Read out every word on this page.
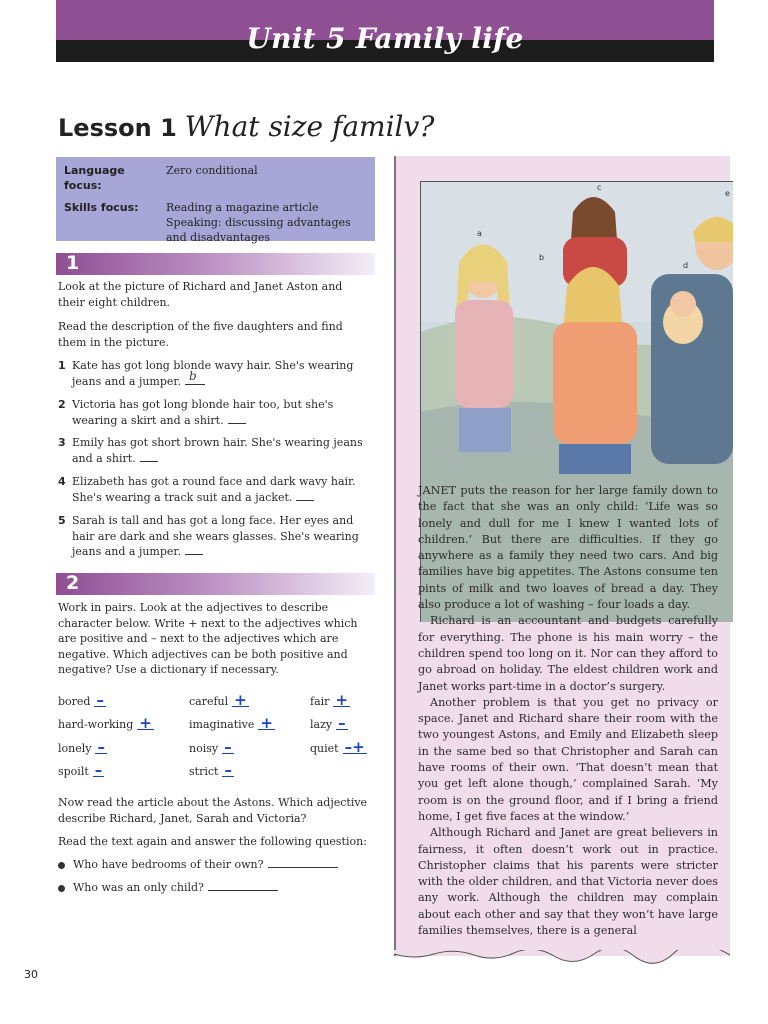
Unit 5 Family life
Lesson 1 What size familv?
Language focus:
Zero conditional
Skills focus:	Reading a magazine article
Speaking: discussing advantages
and disadvantages
1
Look at the picture of Richard and Janet Aston and
their eight children.
Read the description of the five daughters and find
them in the picture.
1 Kate has got long blonde wavy hair. She's wearing
jeans and a jumper. b
2 Victoria has got long blonde hair too, but she's
wearing a skirt and a shirt.
3 Emily has got short brown hair. She's wearing jeans
and a shirt.
4 Elizabeth has got a round face and dark wavy hair.
She's wearing a track suit and a jacket.
5 Sarah is tall and has got a long face. Her eyes and
hair are dark and she wears glasses. She's wearing
jeans and a jumper.
2
Work in pairs. Look at the adjectives to describe
character below. Write + next to the adjectives which
are positive and – next to the adjectives which are
negative. Which adjectives can be both positive and
negative? Use a dictionary if necessary.
bored –	careful +	fair +
hard-working +	imaginative +	lazy –
lonely –	noisy –	quiet –+
spoilt –	strict –
Now read the article about the Astons. Which adjective
describe Richard, Janet, Sarah and Victoria?
Read the text again and answer the following question:
Who have bedrooms of their own?
Who was an only child?
a
b
c
d
e

JANET puts the reason for her large family down to the fact that she was an only child: ‘Life was so lonely and dull for me I knew I wanted lots of children.’ But there are difficulties. If they go anywhere as a family they need two cars. And big families have big appetites. The Astons consume ten pints of milk and two loaves of bread a day. They also produce a lot of washing – four loads a day.

Richard is an accountant and budgets carefully for everything. The phone is his main worry – the children spend too long on it. Nor can they afford to go abroad on holiday. The eldest children work and Janet works part-time in a doctor’s surgery.

Another problem is that you get no privacy or space. Janet and Richard share their room with the two youngest Astons, and Emily and Elizabeth sleep in the same bed so that Christopher and Sarah can have rooms of their own. ‘That doesn’t mean that you get left alone though,’ complained Sarah. ‘My room is on the ground floor, and if I bring a friend home, I get five faces at the window.’

Although Richard and Janet are great believers in fairness, it often doesn’t work out in practice. Christopher claims that his parents were stricter with the older children, and that Victoria never does any work. Although the children may complain about each other and say that they won’t have large families themselves, there is a general

30
